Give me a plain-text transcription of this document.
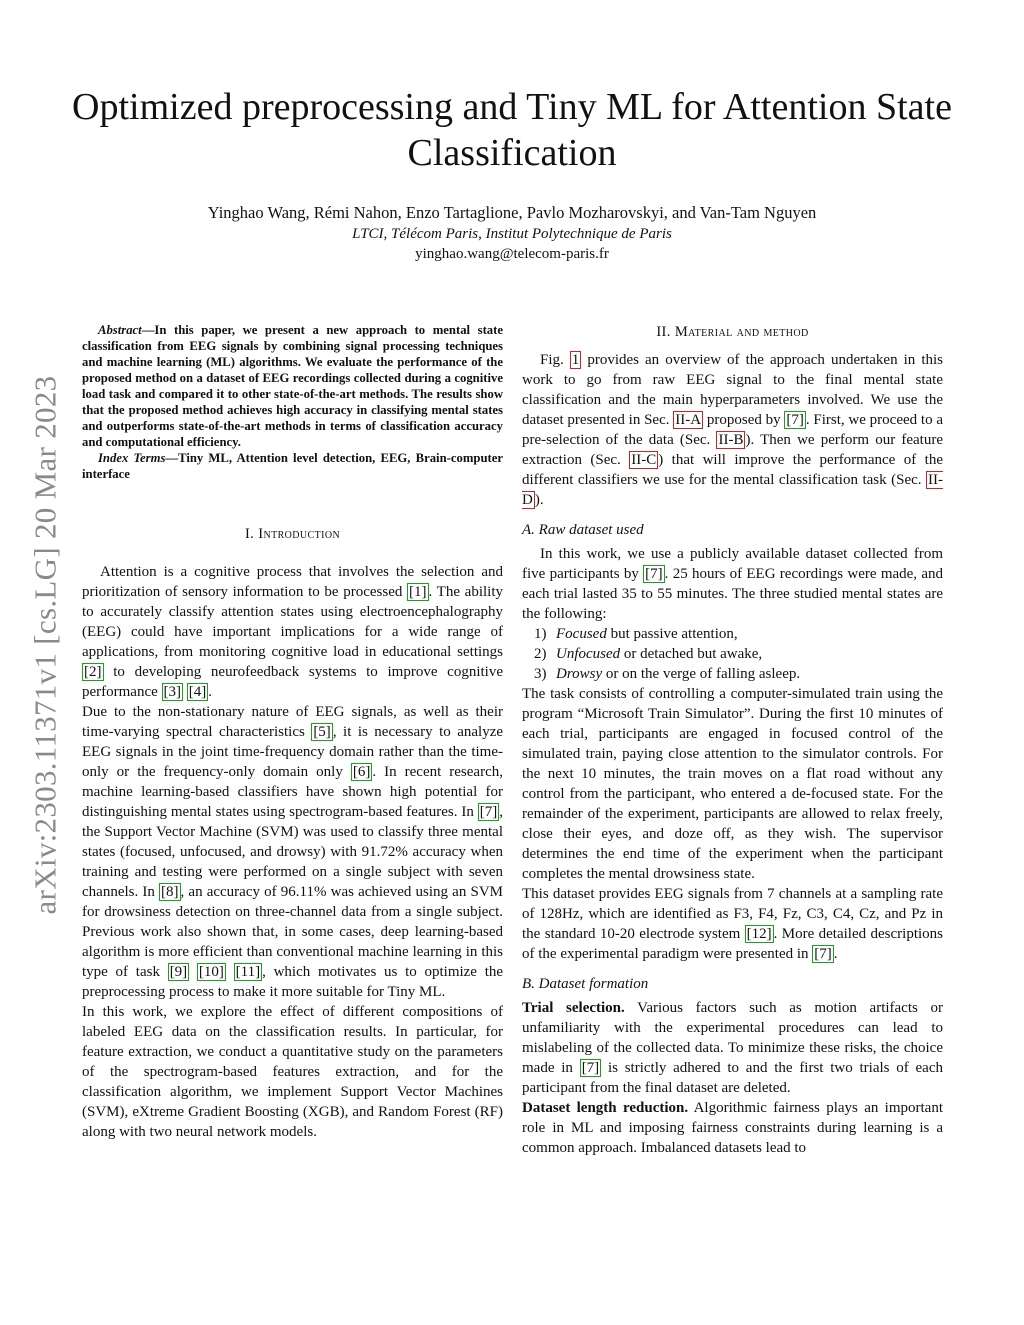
arXiv:2303.11371v1 [cs.LG] 20 Mar 2023
Optimized preprocessing and Tiny ML for Attention State Classification
Yinghao Wang, Rémi Nahon, Enzo Tartaglione, Pavlo Mozharovskyi, and Van-Tam Nguyen
LTCI, Télécom Paris, Institut Polytechnique de Paris
yinghao.wang@telecom-paris.fr

Abstract—In this paper, we present a new approach to mental state classification from EEG signals by combining signal processing techniques and machine learning (ML) algorithms. We evaluate the performance of the proposed method on a dataset of EEG recordings collected during a cognitive load task and compared it to other state-of-the-art methods. The results show that the proposed method achieves high accuracy in classifying mental states and outperforms state-of-the-art methods in terms of classification accuracy and computational efficiency.

Index Terms—Tiny ML, Attention level detection, EEG, Brain-computer interface

I. Introduction

Attention is a cognitive process that involves the selection and prioritization of sensory information to be processed [1] . The ability to accurately classify attention states using electroencephalography (EEG) could have important implications for a wide range of applications, from monitoring cognitive load in educational settings [2] to developing neurofeedback systems to improve cognitive performance [3] [4] .

Due to the non-stationary nature of EEG signals, as well as their time-varying spectral characteristics [5] , it is necessary to analyze EEG signals in the joint time-frequency domain rather than the time-only or the frequency-only domain only [6] . In recent research, machine learning-based classifiers have shown high potential for distinguishing mental states using spectrogram-based features. In [7] , the Support Vector Machine (SVM) was used to classify three mental states (focused, unfocused, and drowsy) with 91.72% accuracy when training and testing were performed on a single subject with seven channels. In [8] , an accuracy of 96.11% was achieved using an SVM for drowsiness detection on three-channel data from a single subject. Previous work also shown that, in some cases, deep learning-based algorithm is more efficient than conventional machine learning in this type of task [9] [10] [11] , which motivates us to optimize the preprocessing process to make it more suitable for Tiny ML.

In this work, we explore the effect of different compositions of labeled EEG data on the classification results. In particular, for feature extraction, we conduct a quantitative study on the parameters of the spectrogram-based features extraction, and for the classification algorithm, we implement Support Vector Machines (SVM), eXtreme Gradient Boosting (XGB), and Random Forest (RF) along with two neural network models.

II. Material and method

Fig. 1 provides an overview of the approach undertaken in this work to go from raw EEG signal to the final mental state classification and the main hyperparameters involved. We use the dataset presented in Sec. II-A proposed by [7] . First, we proceed to a pre-selection of the data (Sec. II-B ). Then we perform our feature extraction (Sec. II-C ) that will improve the performance of the different classifiers we use for the mental classification task (Sec. II-D ).

A. Raw dataset used

In this work, we use a publicly available dataset collected from five participants by [7] . 25 hours of EEG recordings were made, and each trial lasted 35 to 55 minutes. The three studied mental states are the following:

1) Focused but passive attention,
2) Unfocused or detached but awake,
3) Drowsy or on the verge of falling asleep.

The task consists of controlling a computer-simulated train using the program “Microsoft Train Simulator”. During the first 10 minutes of each trial, participants are engaged in focused control of the simulated train, paying close attention to the simulator controls. For the next 10 minutes, the train moves on a flat road without any control from the participant, who entered a de-focused state. For the remainder of the experiment, participants are allowed to relax freely, close their eyes, and doze off, as they wish. The supervisor determines the end time of the experiment when the participant completes the mental drowsiness state.

This dataset provides EEG signals from 7 channels at a sampling rate of 128Hz, which are identified as F3, F4, Fz, C3, C4, Cz, and Pz in the standard 10-20 electrode system [12] . More detailed descriptions of the experimental paradigm were presented in [7] .

B. Dataset formation

Trial selection. Various factors such as motion artifacts or unfamiliarity with the experimental procedures can lead to mislabeling of the collected data. To minimize these risks, the choice made in [7] is strictly adhered to and the first two trials of each participant from the final dataset are deleted.

Dataset length reduction. Algorithmic fairness plays an important role in ML and imposing fairness constraints during learning is a common approach. Imbalanced datasets lead to
